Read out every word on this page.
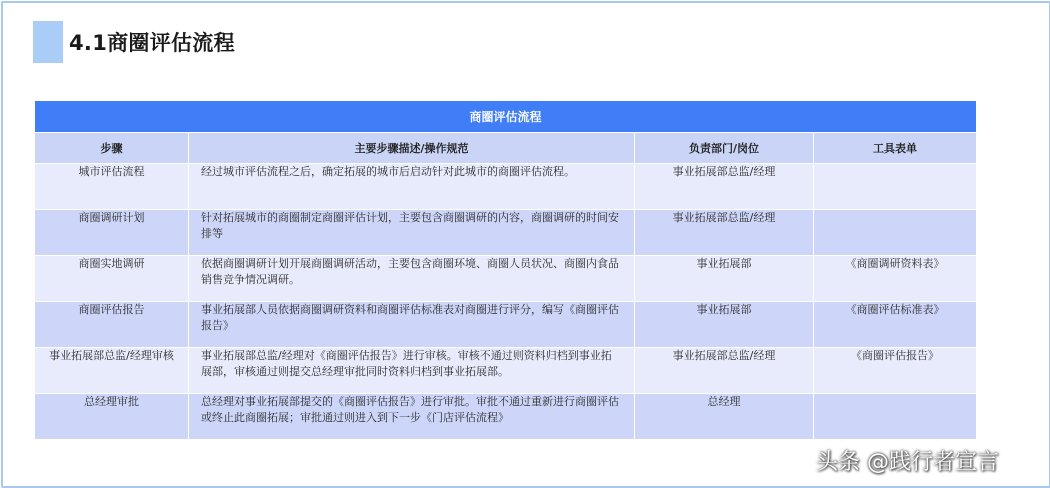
4.1商圈评估流程
商圈评估流程			
步骤	主要步骤描述/操作规范	负责部门/岗位	工具表单
城市评估流程	经过城市评估流程之后，确定拓展的城市后启动针对此城市的商圈评估流程。	事业拓展部总监/经理	
商圈调研计划	针对拓展城市的商圈制定商圈评估计划，主要包含商圈调研的内容，商圈调研的时间安排等	事业拓展部总监/经理	
商圈实地调研	依据商圈调研计划开展商圈调研活动，主要包含商圈环境、商圈人员状况、商圈内食品销售竞争情况调研。	事业拓展部	《商圈调研资料表》
商圈评估报告	事业拓展部人员依据商圈调研资料和商圈评估标准表对商圈进行评分，编写《商圈评估报告》	事业拓展部	《商圈评估标准表》
事业拓展部总监/经理审核	事业拓展部总监/经理对《商圈评估报告》进行审核。审核不通过则资料归档到事业拓展部，审核通过则提交总经理审批同时资料归档到事业拓展部。	事业拓展部总监/经理	《商圈评估报告》
总经理审批	总经理对事业拓展部提交的《商圈评估报告》进行审批。审批不通过重新进行商圈评估或终止此商圈拓展；审批通过则进入到下一步《门店评估流程》	总经理	
头条 @践行者宣言
